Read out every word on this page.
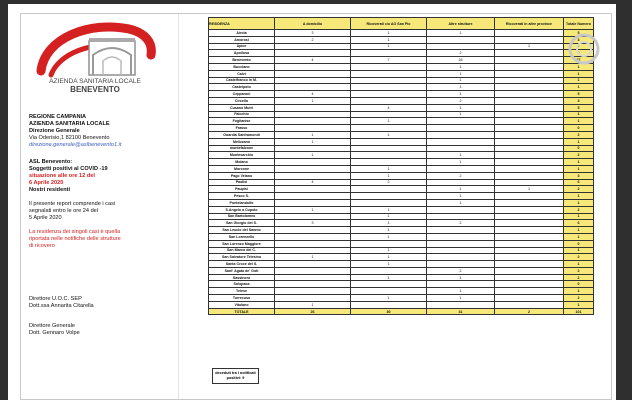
AZIENDA SANITARIA LOCALE
BENEVENTO
REGIONE CAMPANIA
AZIENDA SANITARIA LOCALE
Direzione Generale
Via Oderisio,1 82100 Benevento
direzione.generale@aslbenevento1.it
ASL Benevento:
Soggetti positivi al COVID -19
situazione alle ore 12 del
6 Aprile 2020
Nostri residenti
Il presente report comprende i casi
segnalati entro le ore 24 del
5 Aprile 2020
La residenza dei singoli casi è quella
riportata nelle notifiche delle strutture
di ricovero
Direttore U.O.C. SEP
Dott.ssa Annarita Citarella
Direttore Generale
Dott. Gennaro Volpe
RESIDENZA	A domicilio	Ricoverati c/o AO San Pio	Altre strutture	Ricoverati in altre province	Totale Numero
Airola	3	1	1		5
Amorosi	2	1			3
Apice		1		1	2
Apollosa			2		2
Benevento	4	7	16		27
Bucciano			1		1
Calvi			1		1
Castelfranco in M.			1		1
Castelpoto			1		1
Cepparoni	4		1		5
Circello	1		2		3
Cusano Mutri		4	1		5
Faicchio			1		1
Foglianise		1			1
Frasso					0
Guardia Sanframondi	1	1			2
Melizzano	1				1
montefalcone					0
Montesarchio	1		1		2
Molano			1		1
Morcone		1			1
Pago Veiano		1	2		3
Paolisi	4	2			6
Paupisi			1	1	2
Pesco S.			1		1
Pontelandolfo			1		1
S.Angelo a Cupolo	1	1			2
San Bartolomeo		1			1
San Giorgio del S.	3	1	2		6
San Leucio del Sannio		1			1
San Lorenzello		1			1
San Lorenzo Maggiore					0
San Marco dei C.		1			1
San Salvatore Telesino	1	1			2
Santa Croce del S.		1			1
Sant' Agata de' Goti			2		2
Sassinoro		1	1		2
Solopaca					0
Telese			1		1
Torrecuso		1	1		2
Vitulano	1				1
TOTALE	26	30	41	2	101
deceduti tra i notificati
positivi: 9
